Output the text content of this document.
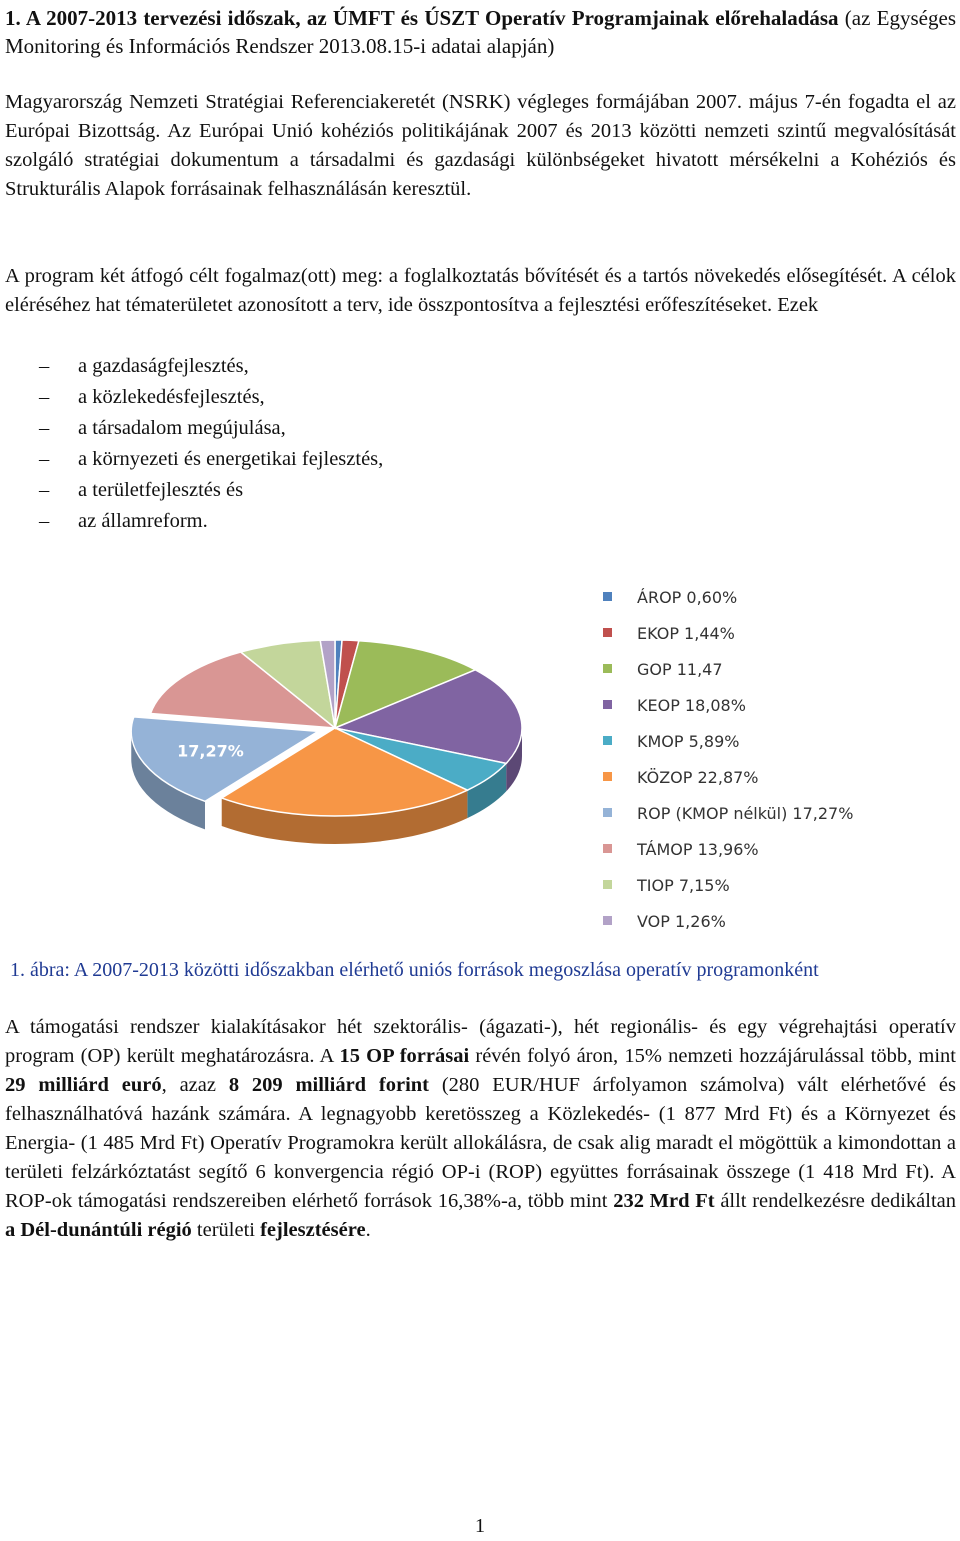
1. A 2007-2013 tervezési időszak, az ÚMFT és ÚSZT Operatív Programjainak előrehaladása (az Egységes Monitoring és Információs Rendszer 2013.08.15-i adatai alapján)
Magyarország Nemzeti Stratégiai Referenciakeretét (NSRK) végleges formájában 2007. május 7-én fogadta el az Európai Bizottság. Az Európai Unió kohéziós politikájának 2007 és 2013 közötti nemzeti szintű megvalósítását szolgáló stratégiai dokumentum a társadalmi és gazdasági különbségeket hivatott mérsékelni a Kohéziós és Strukturális Alapok forrásainak felhasználásán keresztül.
A program két átfogó célt fogalmaz(ott) meg: a foglalkoztatás bővítését és a tartós növekedés elősegítését. A célok eléréséhez hat tématerületet azonosított a terv, ide összpontosítva a fejlesztési erőfeszítéseket. Ezek
– a gazdaságfejlesztés,
– a közlekedésfejlesztés,
– a társadalom megújulása,
– a környezeti és energetikai fejlesztés,
– a területfejlesztés és
– az államreform.
17,27%
ÁROP 0,60%
EKOP 1,44%
GOP 11,47
KEOP 18,08%
KMOP 5,89%
KÖZOP 22,87%
ROP (KMOP nélkül) 17,27%
TÁMOP 13,96%
TIOP 7,15%
VOP 1,26%
1. ábra: A 2007-2013 közötti időszakban elérhető uniós források megoszlása operatív programonként
A támogatási rendszer kialakításakor hét szektorális- (ágazati-), hét regionális- és egy végrehajtási operatív program (OP) került meghatározásra. A 15 OP forrásai révén folyó áron, 15% nemzeti hozzájárulással több, mint 29 milliárd euró, azaz 8 209 milliárd forint (280 EUR/HUF árfolyamon számolva) vált elérhetővé és felhasználhatóvá hazánk számára. A legnagyobb keretösszeg a Közlekedés- (1 877 Mrd Ft) és a Környezet és Energia- (1 485 Mrd Ft) Operatív Programokra került allokálásra, de csak alig maradt el mögöttük a kimondottan a területi felzárkóztatást segítő 6 konvergencia régió OP-i (ROP) együttes forrásainak összege (1 418 Mrd Ft). A ROP-ok támogatási rendszereiben elérhető források 16,38%-a, több mint 232 Mrd Ft állt rendelkezésre dedikáltan a Dél-dunántúli régió területi fejlesztésére.
1
